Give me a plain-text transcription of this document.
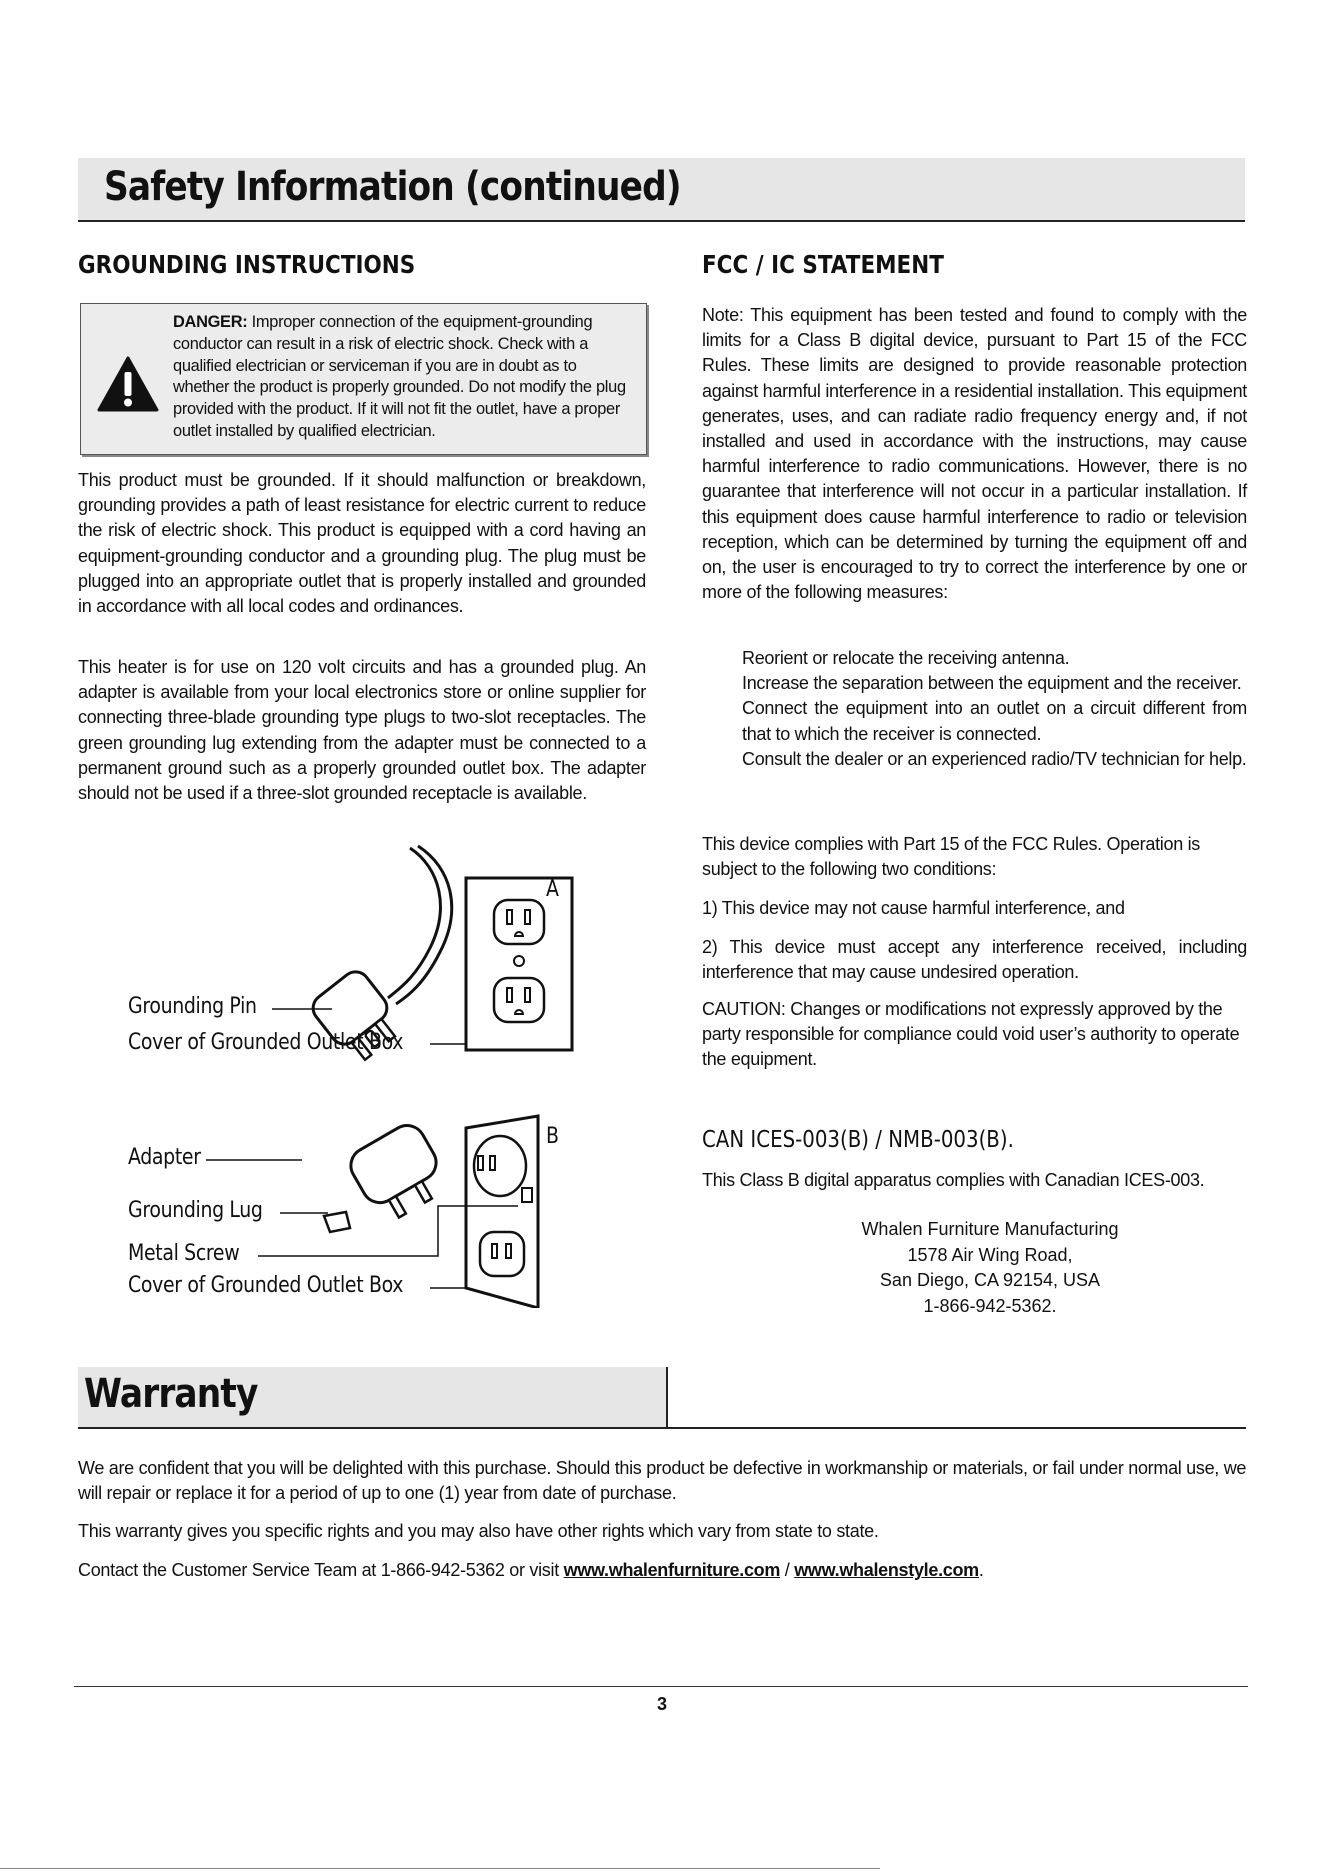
Safety Information (continued)
GROUNDING INSTRUCTIONS
DANGER: Improper connection of the equipment-grounding conductor can result in a risk of electric shock. Check with a qualified electrician or serviceman if you are in doubt as to whether the product is properly grounded. Do not modify the plug provided with the product. If it will not fit the outlet, have a proper outlet installed by qualified electrician.

This product must be grounded. If it should malfunction or breakdown, grounding provides a path of least resistance for electric current to reduce the risk of electric shock. This product is equipped with a cord having an equipment-grounding conductor and a grounding plug. The plug must be plugged into an appropriate outlet that is properly installed and grounded in accordance with all local codes and ordinances.

This heater is for use on 120 volt circuits and has a grounded plug. An adapter is available from your local electronics store or online supplier for connecting three-blade grounding type plugs to two-slot receptacles. The green grounding lug extending from the adapter must be connected to a permanent ground such as a properly grounded outlet box. The adapter should not be used if a three-slot grounded receptacle is available.

A
Grounding Pin
Cover of Grounded Outlet Box
B
Adapter
Grounding Lug
Metal Screw
Cover of Grounded Outlet Box
FCC / IC STATEMENT

Note: This equipment has been tested and found to comply with the limits for a Class B digital device, pursuant to Part 15 of the FCC Rules. These limits are designed to provide reasonable protection against harmful interference in a residential installation. This equipment generates, uses, and can radiate radio frequency energy and, if not installed and used in accordance with the instructions, may cause harmful interference to radio communications. However, there is no guarantee that interference will not occur in a particular installation. If this equipment does cause harmful interference to radio or television reception, which can be determined by turning the equipment off and on, the user is encouraged to try to correct the interference by one or more of the following measures:

Reorient or relocate the receiving antenna.
Increase the separation between the equipment and the receiver.
Connect the equipment into an outlet on a circuit different from that to which the receiver is connected.
Consult the dealer or an experienced radio/TV technician for help.

This device complies with Part 15 of the FCC Rules. Operation is subject to the following two conditions:

1) This device may not cause harmful interference, and

2) This device must accept any interference received, including interference that may cause undesired operation.

CAUTION: Changes or modifications not expressly approved by the party responsible for compliance could void user’s authority to operate the equipment.

CAN ICES-003(B) / NMB-003(B).

This Class B digital apparatus complies with Canadian ICES-003.

Whalen Furniture Manufacturing
1578 Air Wing Road,
San Diego, CA 92154, USA
1-866-942-5362.
Warranty

We are confident that you will be delighted with this purchase. Should this product be defective in workmanship or materials, or fail under normal use, we will repair or replace it for a period of up to one (1) year from date of purchase.

This warranty gives you specific rights and you may also have other rights which vary from state to state.

Contact the Customer Service Team at 1-866-942-5362 or visit www.whalenfurniture.com / www.whalenstyle.com.

3
